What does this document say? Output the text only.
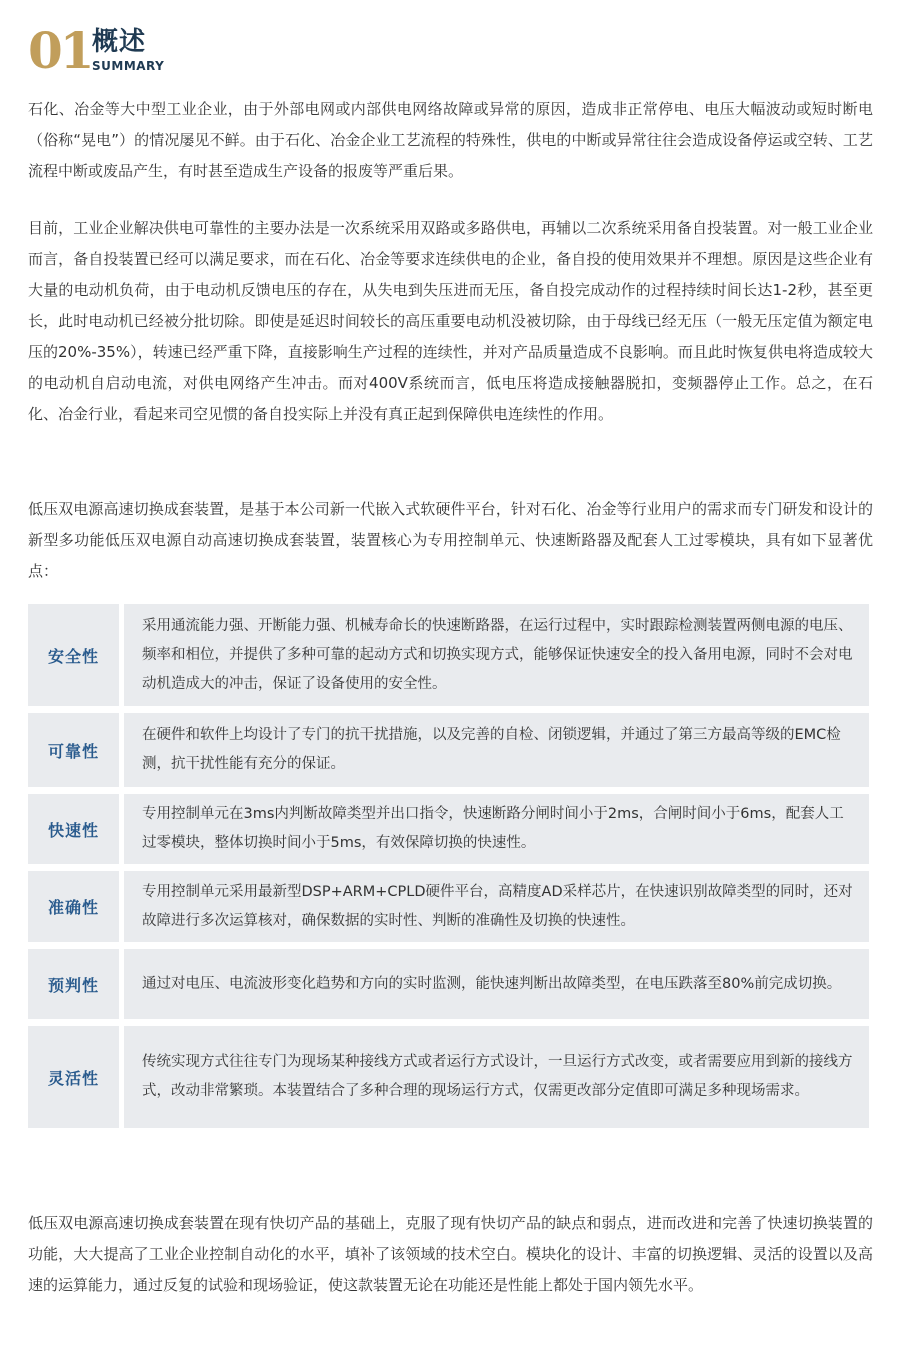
01 概述
SUMMARY

石化、冶金等大中型工业企业，由于外部电网或内部供电网络故障或异常的原因，造成非正常停电、电压大幅波动或短时断电（俗称“晃电”）的情况屡见不鲜。由于石化、冶金企业工艺流程的特殊性，供电的中断或异常往往会造成设备停运或空转、工艺流程中断或废品产生，有时甚至造成生产设备的报废等严重后果。

目前，工业企业解决供电可靠性的主要办法是一次系统采用双路或多路供电，再辅以二次系统采用备自投装置。对一般工业企业而言，备自投装置已经可以满足要求，而在石化、冶金等要求连续供电的企业，备自投的使用效果并不理想。原因是这些企业有大量的电动机负荷，由于电动机反馈电压的存在，从失电到失压进而无压，备自投完成动作的过程持续时间长达1-2秒，甚至更长，此时电动机已经被分批切除。即使是延迟时间较长的高压重要电动机没被切除，由于母线已经无压（一般无压定值为额定电压的20%-35%），转速已经严重下降，直接影响生产过程的连续性，并对产品质量造成不良影响。而且此时恢复供电将造成较大的电动机自启动电流，对供电网络产生冲击。而对400V系统而言，低电压将造成接触器脱扣，变频器停止工作。总之，在石化、冶金行业，看起来司空见惯的备自投实际上并没有真正起到保障供电连续性的作用。

低压双电源高速切换成套装置，是基于本公司新一代嵌入式软硬件平台，针对石化、冶金等行业用户的需求而专门研发和设计的新型多功能低压双电源自动高速切换成套装置，装置核心为专用控制单元、快速断路器及配套人工过零模块，具有如下显著优点：

安全性
采用通流能力强、开断能力强、机械寿命长的快速断路器，在运行过程中，实时跟踪检测装置两侧电源的电压、频率和相位，并提供了多种可靠的起动方式和切换实现方式，能够保证快速安全的投入备用电源，同时不会对电动机造成大的冲击，保证了设备使用的安全性。
可靠性
在硬件和软件上均设计了专门的抗干扰措施，以及完善的自检、闭锁逻辑，并通过了第三方最高等级的EMC检测，抗干扰性能有充分的保证。
快速性
专用控制单元在3ms内判断故障类型并出口指令，快速断路分闸时间小于2ms，合闸时间小于6ms，配套人工过零模块，整体切换时间小于5ms，有效保障切换的快速性。
准确性
专用控制单元采用最新型DSP+ARM+CPLD硬件平台，高精度AD采样芯片，在快速识别故障类型的同时，还对故障进行多次运算核对，确保数据的实时性、判断的准确性及切换的快速性。
预判性	通过对电压、电流波形变化趋势和方向的实时监测，能快速判断出故障类型，在电压跌落至80%前完成切换。
灵活性
传统实现方式往往专门为现场某种接线方式或者运行方式设计，一旦运行方式改变，或者需要应用到新的接线方式，改动非常繁琐。本装置结合了多种合理的现场运行方式，仅需更改部分定值即可满足多种现场需求。

低压双电源高速切换成套装置在现有快切产品的基础上，克服了现有快切产品的缺点和弱点，进而改进和完善了快速切换装置的功能，大大提高了工业企业控制自动化的水平，填补了该领域的技术空白。模块化的设计、丰富的切换逻辑、灵活的设置以及高速的运算能力，通过反复的试验和现场验证，使这款装置无论在功能还是性能上都处于国内领先水平。
